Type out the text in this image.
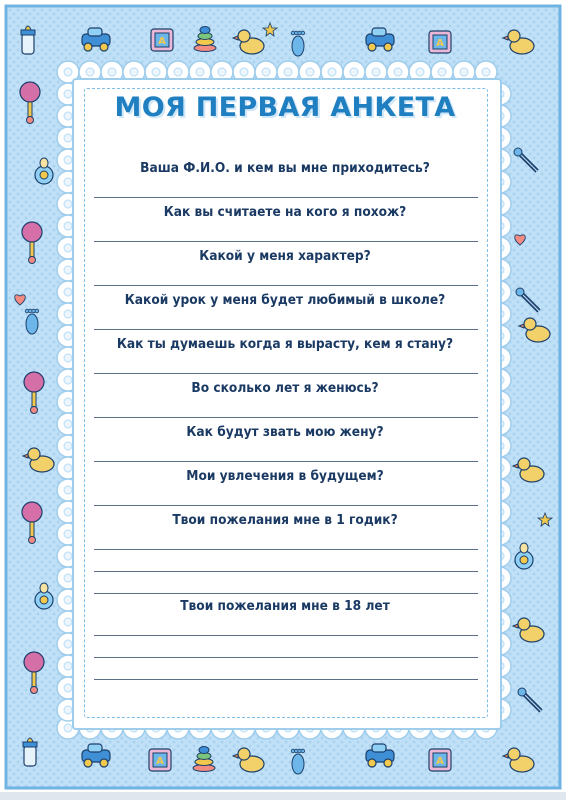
A	A
A	A
МОЯ ПЕРВАЯ АНКЕТА
Ваша Ф.И.О. и кем вы мне приходитесь?
Как вы считаете на кого я похож?
Какой у меня характер?
Какой урок у меня будет любимый в школе?
Как ты думаешь когда я вырасту, кем я стану?
Во сколько лет я женюсь?
Как будут звать мою жену?
Мои увлечения в будущем?
Твои пожелания мне в 1 годик?
Твои пожелания мне в 18 лет
